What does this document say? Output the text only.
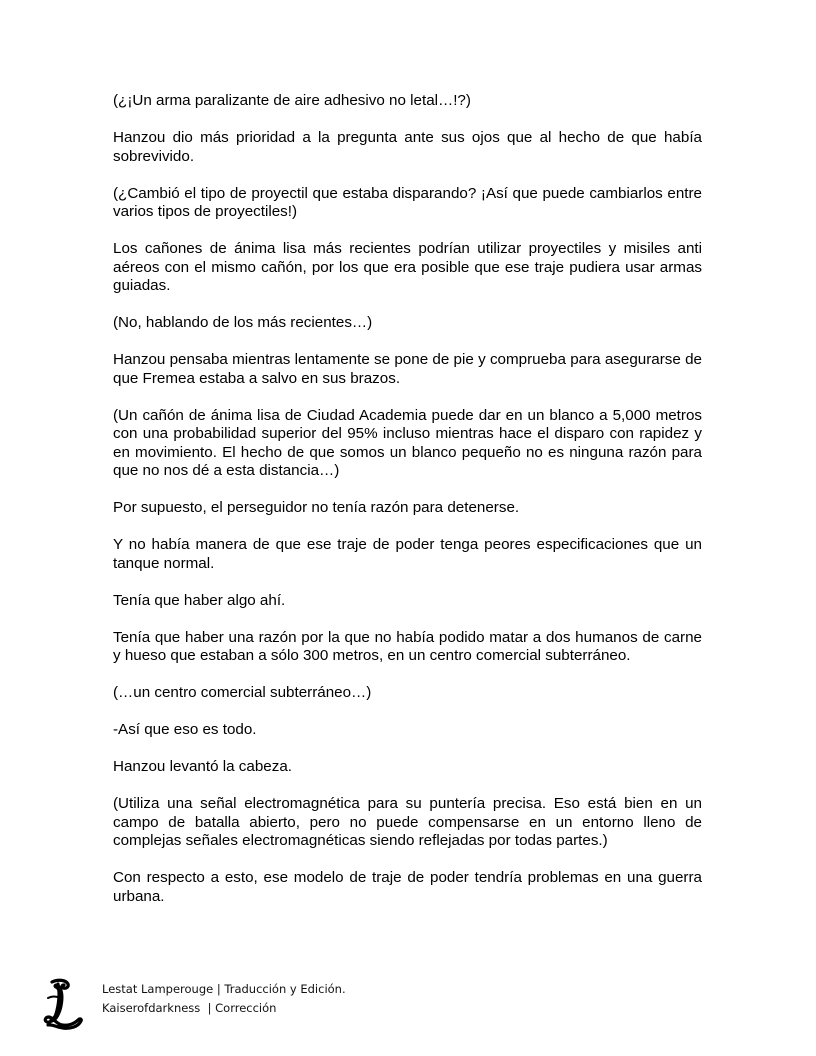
(¿¡Un arma paralizante de aire adhesivo no letal…!?)

Hanzou dio más prioridad a la pregunta ante sus ojos que al hecho de que había sobrevivido.

(¿Cambió el tipo de proyectil que estaba disparando? ¡Así que puede cambiarlos entre varios tipos de proyectiles!)

Los cañones de ánima lisa más recientes podrían utilizar proyectiles y misiles anti aéreos con el mismo cañón, por los que era posible que ese traje pudiera usar armas guiadas.

(No, hablando de los más recientes…)

Hanzou pensaba mientras lentamente se pone de pie y comprueba para asegurarse de que Fremea estaba a salvo en sus brazos.

(Un cañón de ánima lisa de Ciudad Academia puede dar en un blanco a 5,000 metros con una probabilidad superior del 95% incluso mientras hace el disparo con rapidez y en movimiento. El hecho de que somos un blanco pequeño no es ninguna razón para que no nos dé a esta distancia…)

Por supuesto, el perseguidor no tenía razón para detenerse.

Y no había manera de que ese traje de poder tenga peores especificaciones que un tanque normal.

Tenía que haber algo ahí.

Tenía que haber una razón por la que no había podido matar a dos humanos de carne y hueso que estaban a sólo 300 metros, en un centro comercial subterráneo.

(…un centro comercial subterráneo…)

-Así que eso es todo.

Hanzou levantó la cabeza.

(Utiliza una señal electromagnética para su puntería precisa. Eso está bien en un campo de batalla abierto, pero no puede compensarse en un entorno lleno de complejas señales electromagnéticas siendo reflejadas por todas partes.)

Con respecto a esto, ese modelo de traje de poder tendría problemas en una guerra urbana.

Lestat Lamperouge | Traducción y Edición.
Kaiserofdarkness  | Corrección
